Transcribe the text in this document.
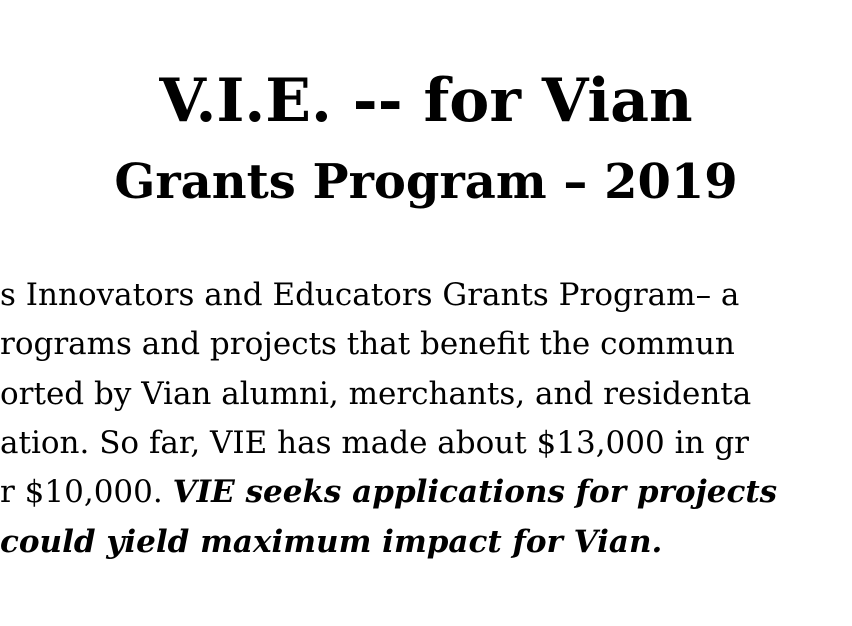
V.I.E. -- for Vian
Grants Program – 2019

s Innovators and Educators Grants Program– a

rograms and projects that benefit the commun

orted by Vian alumni, merchants, and residenta

ation. So far, VIE has made about $13,000 in gr

r $10,000. VIE seeks applications for projects

could yield maximum impact for Vian.
